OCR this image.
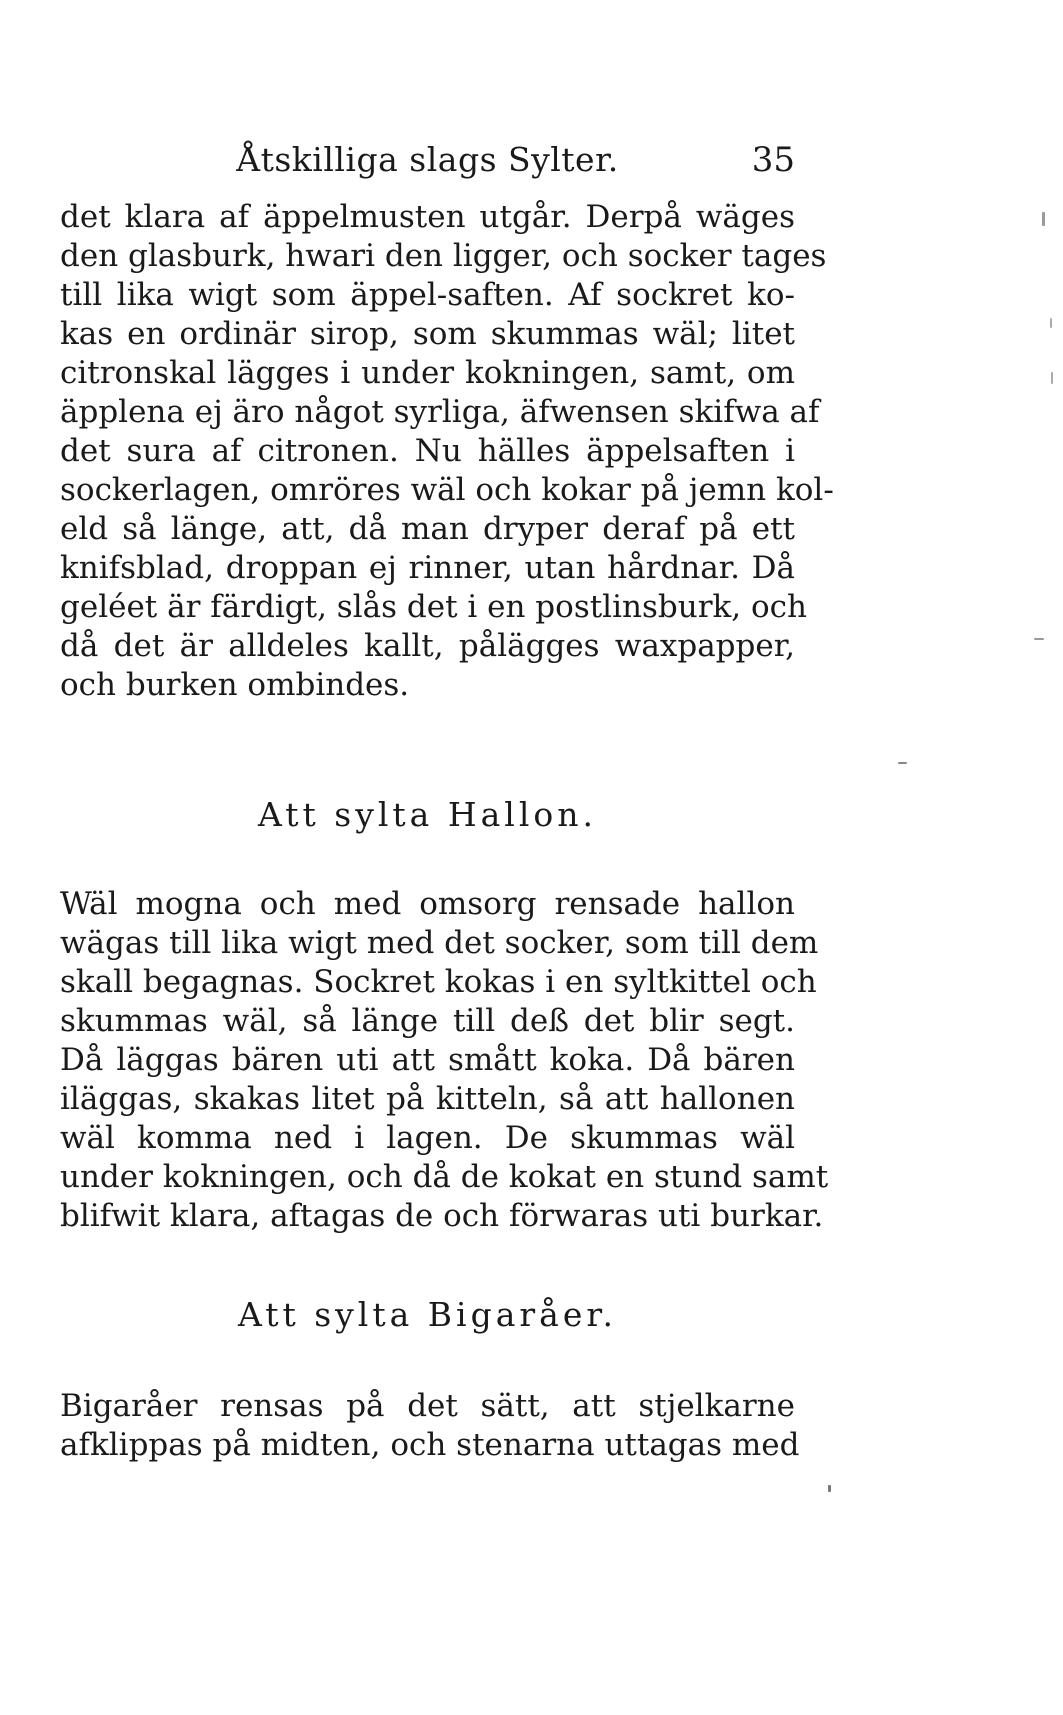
Åtskilliga slags Sylter.	35
det klara af äppelmusten utgår. Derpå wäges
den glasburk, hwari den ligger, och socker tages
till lika wigt som äppel-saften. Af sockret ko-
kas en ordinär sirop, som skummas wäl; litet
citronskal lägges i under kokningen, samt, om
äpplena ej äro något syrliga, äfwensen skifwa af
det sura af citronen. Nu hälles äppelsaften i
sockerlagen, omröres wäl och kokar på jemn kol-
eld så länge, att, då man dryper deraf på ett
knifsblad, droppan ej rinner, utan hårdnar. Då
geléet är färdigt, slås det i en postlinsburk, och
då det är alldeles kallt, pålägges waxpapper,
och burken ombindes.
Att sylta Hallon.
Wäl mogna och med omsorg rensade hallon
wägas till lika wigt med det socker, som till dem
skall begagnas. Sockret kokas i en syltkittel och
skummas wäl, så länge till deß det blir segt.
Då läggas bären uti att smått koka. Då bären
iläggas, skakas litet på kitteln, så att hallonen
wäl komma ned i lagen. De skummas wäl
under kokningen, och då de kokat en stund samt
blifwit klara, aftagas de och förwaras uti burkar.
Att sylta Bigaråer.
Bigaråer rensas på det sätt, att stjelkarne
afklippas på midten, och stenarna uttagas med
